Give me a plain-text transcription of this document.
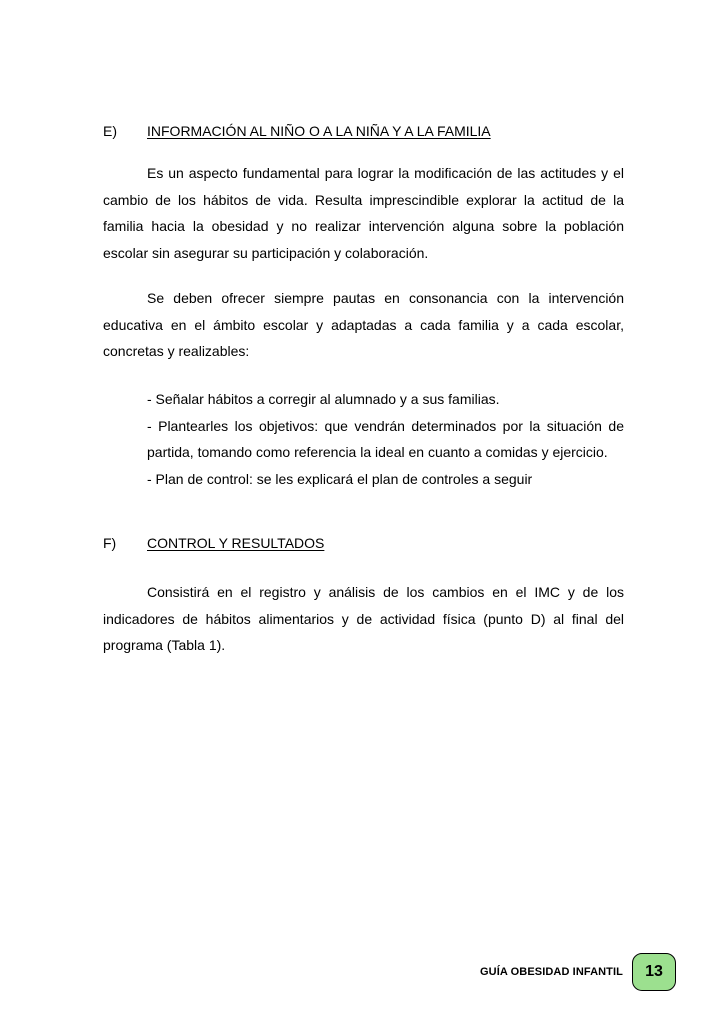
E) INFORMACIÓN AL NIÑO O A LA NIÑA Y A LA FAMILIA

Es un aspecto fundamental para lograr la modificación de las actitudes y el cambio de los hábitos de vida. Resulta imprescindible explorar la actitud de la familia hacia la obesidad y no realizar intervención alguna sobre la población escolar sin asegurar su participación y colaboración.

Se deben ofrecer siempre pautas en consonancia con la intervención educativa en el ámbito escolar y adaptadas a cada familia y a cada escolar, concretas y realizables:

- Señalar hábitos a corregir al alumnado y a sus familias.
- Plantearles los objetivos: que vendrán determinados por la situación de partida, tomando como referencia la ideal en cuanto a comidas y ejercicio.
- Plan de control: se les explicará el plan de controles a seguir
F) CONTROL Y RESULTADOS

Consistirá en el registro y análisis de los cambios en el IMC y de los indicadores de hábitos alimentarios y de actividad física (punto D) al final del programa (Tabla 1).

GUÍA OBESIDAD INFANTIL 13
